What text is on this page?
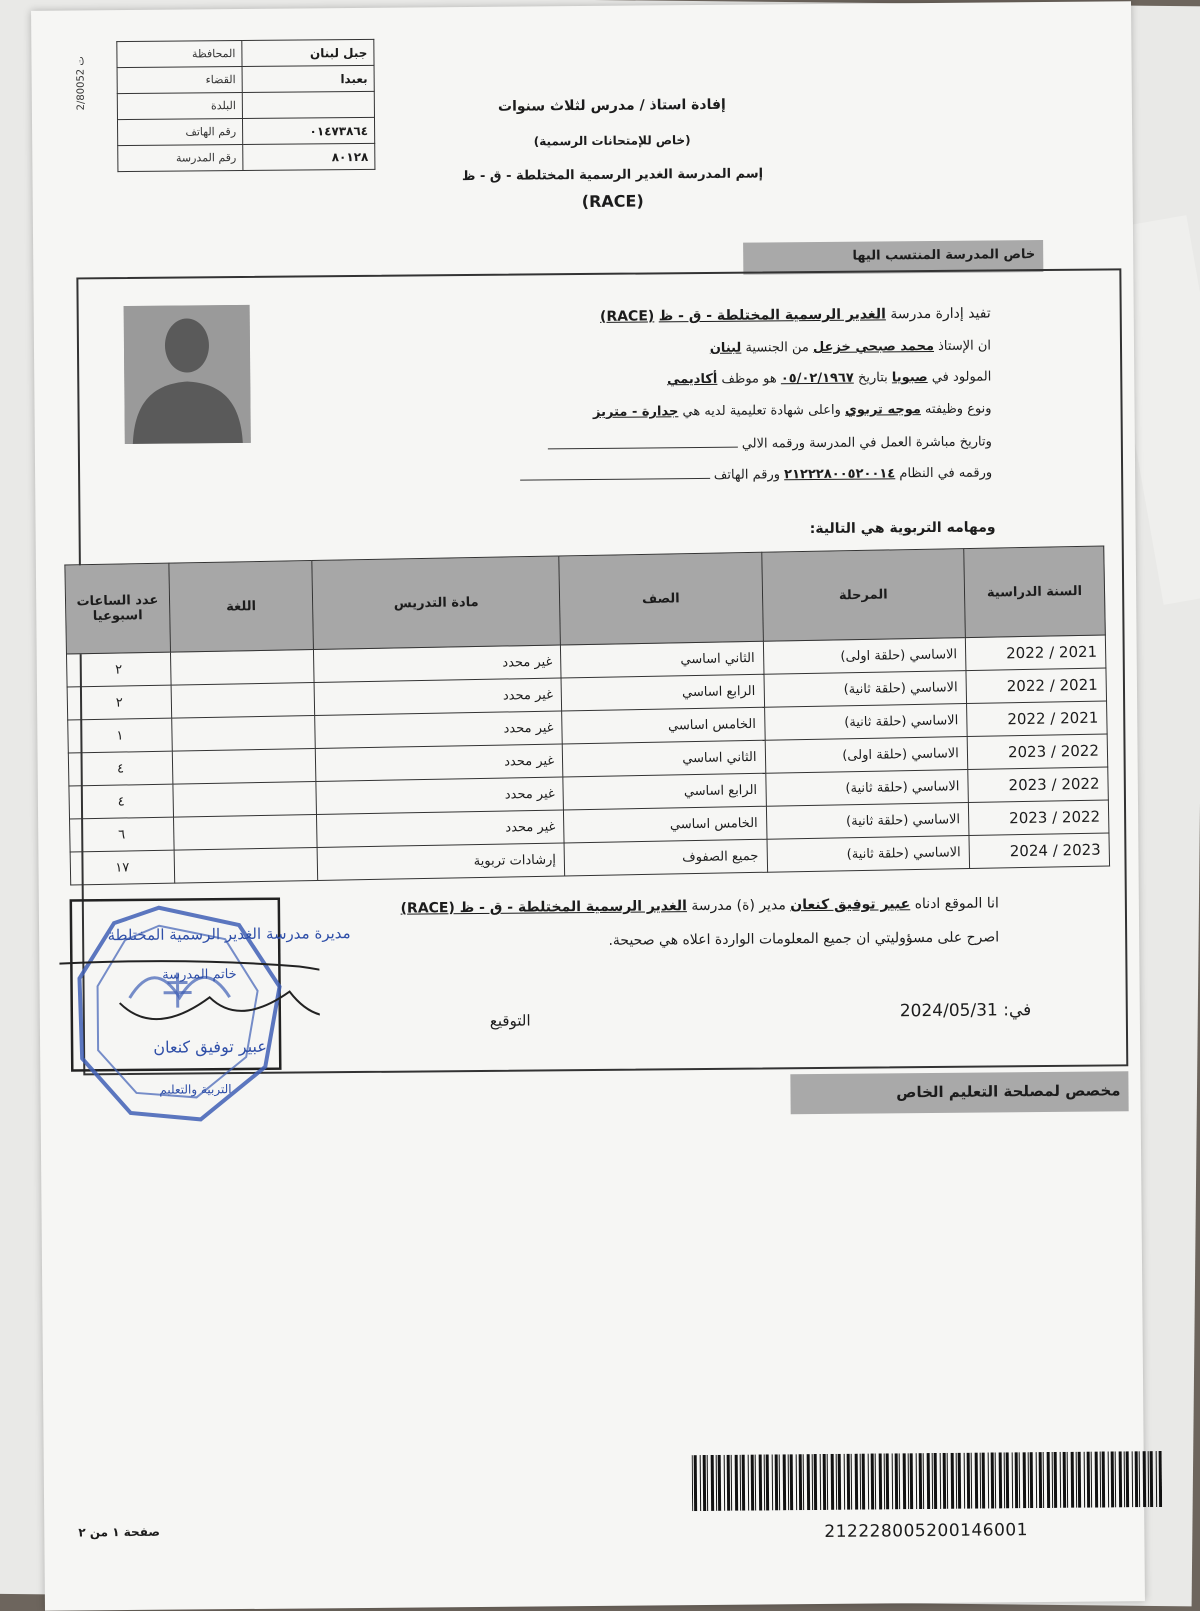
2/ت 80052
المحافظة	جبل لبنان
القضاء	بعبدا
البلدة	
رقم الهاتف	٠١٤٧٣٨٦٤
رقم المدرسة	٨٠١٢٨
إفادة استاذ / مدرس لثلاث سنوات
(خاص للإمتحانات الرسمية)
إسم المدرسة الغدير الرسمية المختلطة - ق - ظ
(RACE)
خاص المدرسة المنتسب اليها
تفيد إدارة مدرسة الغدير الرسمية المختلطة - ق - ظ (RACE)
ان الإستاذ محمد صبحي خزعل من الجنسية لبنان
المولود في صبويا بتاريخ ٠٥/٠٢/١٩٦٧ هو موظف أكاديمي
ونوع وظيفته موجه تربوي واعلى شهادة تعليمية لديه هي جدارة - متريز
وتاريخ مباشرة العمل في المدرسة ورقمه الالي
ورقمه في النظام ٢١٢٢٢٨٠٠٥٢٠٠١٤ ورقم الهاتف
ومهامه التربوية هي التالية:
السنة الدراسية	المرحلة	الصف	مادة التدريس	اللغة	عدد الساعات اسبوعيا
2021 / 2022	الاساسي (حلقة اولى)	الثاني اساسي	غير محدد		٢
2021 / 2022	الاساسي (حلقة ثانية)	الرابع اساسي	غير محدد		٢
2021 / 2022	الاساسي (حلقة ثانية)	الخامس اساسي	غير محدد		١
2022 / 2023	الاساسي (حلقة اولى)	الثاني اساسي	غير محدد		٤
2022 / 2023	الاساسي (حلقة ثانية)	الرابع اساسي	غير محدد		٤
2022 / 2023	الاساسي (حلقة ثانية)	الخامس اساسي	غير محدد		٦
2023 / 2024	الاساسي (حلقة ثانية)	جميع الصفوف	إرشادات تربوية		١٧
انا الموقع ادناه عبير توفيق كنعان مدير (ة) مدرسة الغدير الرسمية المختلطة - ق - ظ (RACE)
اصرح على مسؤوليتي ان جميع المعلومات الواردة اعلاه هي صحيحة.
في: 2024/05/31
التوقيع
مديرة مدرسة الغدير الرسمية المختلطة
خاتم المدرسة
عبير توفيق كنعان
التربية والتعليم	مخصص لمصلحة التعليم الخاص
212228005200146001
صفحة ١ من ٢
